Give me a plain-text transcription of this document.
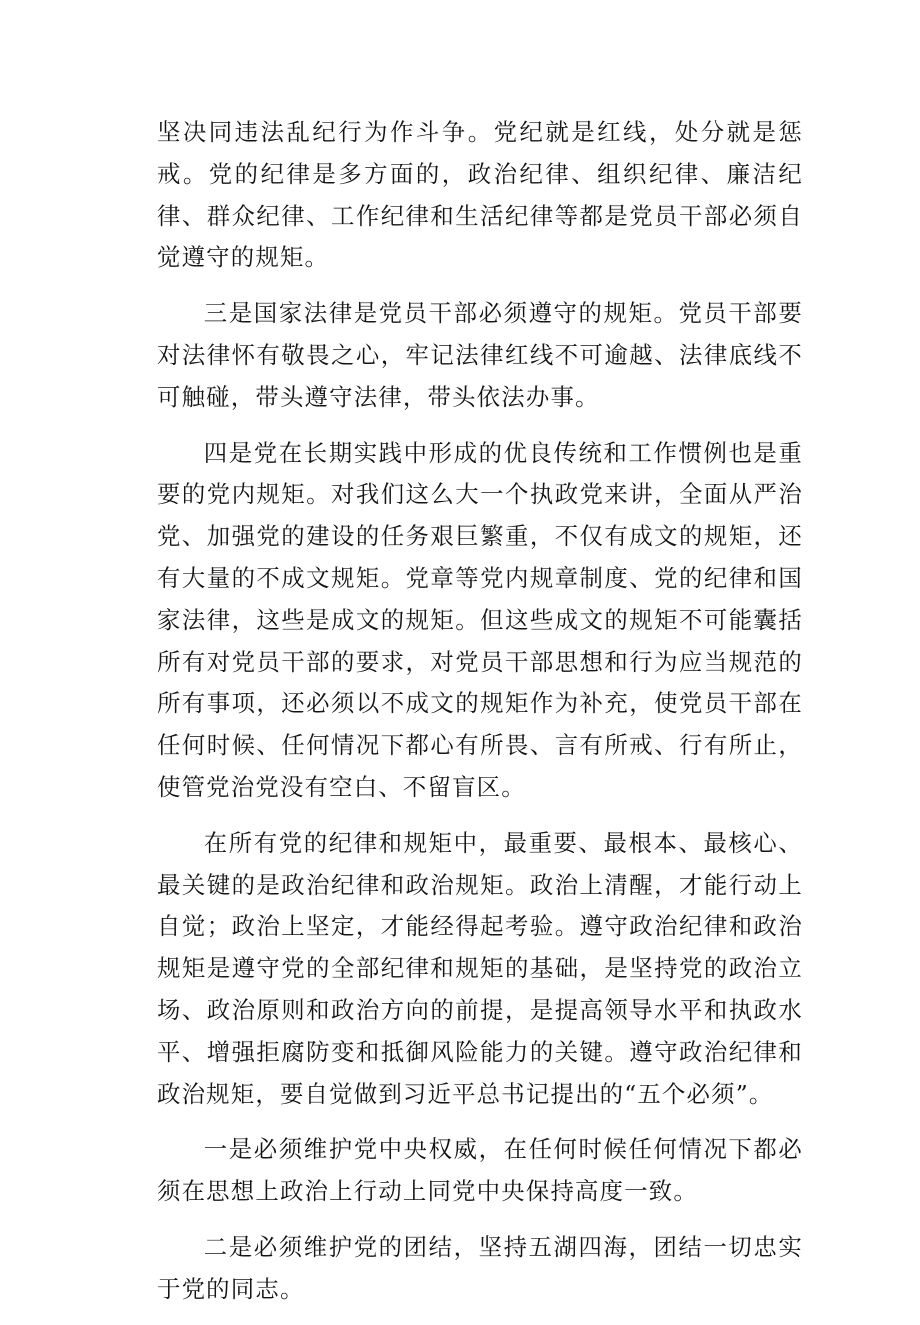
坚决同违法乱纪行为作斗争。党纪就是红线，处分就是惩戒。党的纪律是多方面的，政治纪律、组织纪律、廉洁纪律、群众纪律、工作纪律和生活纪律等都是党员干部必须自觉遵守的规矩。

三是国家法律是党员干部必须遵守的规矩。党员干部要对法律怀有敬畏之心，牢记法律红线不可逾越、法律底线不可触碰，带头遵守法律，带头依法办事。

四是党在长期实践中形成的优良传统和工作惯例也是重要的党内规矩。对我们这么大一个执政党来讲，全面从严治党、加强党的建设的任务艰巨繁重，不仅有成文的规矩，还有大量的不成文规矩。党章等党内规章制度、党的纪律和国家法律，这些是成文的规矩。但这些成文的规矩不可能囊括所有对党员干部的要求，对党员干部思想和行为应当规范的所有事项，还必须以不成文的规矩作为补充，使党员干部在任何时候、任何情况下都心有所畏、言有所戒、行有所止，使管党治党没有空白、不留盲区。

在所有党的纪律和规矩中，最重要、最根本、最核心、最关键的是政治纪律和政治规矩。政治上清醒，才能行动上自觉；政治上坚定，才能经得起考验。遵守政治纪律和政治规矩是遵守党的全部纪律和规矩的基础，是坚持党的政治立场、政治原则和政治方向的前提，是提高领导水平和执政水平、增强拒腐防变和抵御风险能力的关键。遵守政治纪律和政治规矩，要自觉做到习近平总书记提出的“五个必须”。

一是必须维护党中央权威，在任何时候任何情况下都必须在思想上政治上行动上同党中央保持高度一致。

二是必须维护党的团结，坚持五湖四海，团结一切忠实于党的同志。
